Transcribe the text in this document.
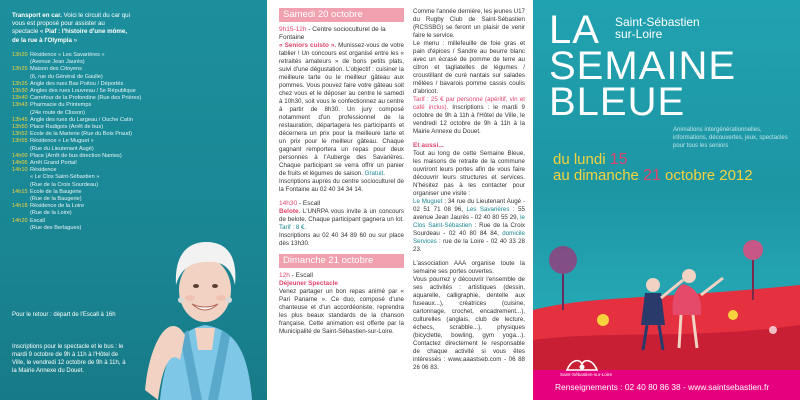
Transport en car. Voici le circuit du car qui vous est proposé pour assister au spectacle « Piaf : l'histoire d'une môme, de la rue à l'Olympia »
13h20 Résidence « Les Savarières »
(Avenue Jean Jaurès)
13h25 Maison des Citoyens
(6, rue du Général de Gaulle)
13h25 Angle des rues Bas Poitou / Déportés
13h30 Angles des rues Louvreau / 5e République
13h40 Carrefour de la Profondine (Rue des Prières)
13h43 Pharmacie du Printemps
(24e route de Clisson)
13h45 Angle des rues du Largeau / Ouche Catin
13h50 Place Radigois (Arrêt de bus)
13h52 Ecole de la Marterie (Rue du Bois Praud)
13h55 Résidence « Le Muguet »
(Rue du Lieutenant Augé)
14h00 Place (Arrêt de bus direction Nantes)
14h05 Arrêt Grand Portail
14h10 Résidence
« Le Clos Saint-Sébastien »
(Rue de la Croix Sourdeau)
14h15 Ecole de la Baugerie
(Rue de la Baugerie)
14h18 Résidence de la Loire
(Rue de la Loire)
14h20 Escall
(Rue des Berlagues)
Pour le retour : départ de l'Escall à 16h
Inscriptions pour le spectacle et le bus : le mardi 9 octobre de 9h à 11h à l'Hôtel de Ville, le vendredi 12 octobre de 9h à 11h, à la Mairie Annexe du Douet.
Samedi 20 octobre
9h15-12h - Centre socioculturel de la Fontaine
« Seniors cuisto ». Munissez-vous de votre tablier ! Un concours est organisé entre les « retraités amateurs » de bons petits plats, suivi d'une dégustation. L'objectif : cuisiner la meilleure tarte ou le meilleur gâteau aux pommes. Vous pouvez faire votre gâteau soit chez vous et le déposer au centre le samedi à 10h30, soit vous le confectionnez au centre à partir de 8h30. Un jury composé notamment d'un professionnel de la restauration, départagera les participants et décernera un prix pour la meilleure tarte et un prix pour le meilleur gâteau. Chaque gagnant remportera un repas pour deux personnes à l'Auberge des Savarières. Chaque participant se verra offrir un panier de fruits et légumes de saison. Gratuit.
Inscriptions auprès du centre socioculturel de la Fontaine au 02 40 34 34 14.
14h30 - Escall
Belote. L'UNRPA vous invite à un concours de belote. Chaque participant gagnera un lot. Tarif : 8 €.
Inscriptions au 02 40 34 89 60 ou sur place dès 13h30.
Dimanche 21 octobre
12h - Escall
Déjeuner Spectacle
Venez partager un bon repas animé par « Pari Paname ». Ce duo, composé d'une chanteuse et d'un accordéoniste, reprendra les plus beaux standards de la chanson française. Cette animation est offerte par la Municipalité de Saint-Sébastien-sur-Loire.
Comme l'année dernière, les jeunes U17 du Rugby Club de Saint-Sébastien (RCSSBG) se feront un plaisir de venir faire le service.
Le menu : millefeuille de foie gras et pain d'épices / Sandre au beurre blanc avec un écrasé de pomme de terre au citron et tagliatelles de légumes / croustillant de curé nantais sur salades mêlées / bavarois pomme cassis coulis d'abricot.
Tarif : 25 € par personne (apéritif, vin et café inclus). Inscriptions : le mardi 9 octobre de 9h à 11h à l'Hôtel de Ville, le vendredi 12 octobre de 9h à 11h à la Mairie Annexe du Douet.
Et aussi...
Tout au long de cette Semaine Bleue, les maisons de retraite de la commune ouvriront leurs portes afin de vous faire découvrir leurs structures et services. N'hésitez pas à les contacter pour organiser une visite :
Le Muguet : 34 rue du Lieutenant Augé - 02 51 71 08 96, Les Savarières : 55 avenue Jean Jaurès - 02 40 80 55 29, le Clos Saint-Sébastien : Rue de la Croix Sourdeau - 02 40 80 84 84, domicile Services : rue de la Loire - 02 40 33 28 23.
L'association AAA organise toute la semaine ses portes ouvertes.
Vous pourrez y découvrir l'ensemble de ses activités : artistiques (dessin, aquarelle, calligraphie, dentelle aux fuseaux...), créatrices (cuisine, cartonnage, crochet, encadrement...), culturelles (anglais, club de lecture, échecs, scrabble...), physiques (bicyclette, bowling, gym yoga...). Contactez directement le responsable de chaque activité si vous êtes intéressés : www.aaastseb.com - 06 88 26 06 83.
LA Saint-Sébastien
sur-Loire
SEMAINE
BLEUE
Animations intergénérationnelles, informations, découvertes, jeux, spectacles pour tous les seniors
du lundi 15
au dimanche 21 octobre 2012
Saint-Sébastien-sur-Loire
Renseignements : 02 40 80 86 38 - www.saintsebastien.fr
